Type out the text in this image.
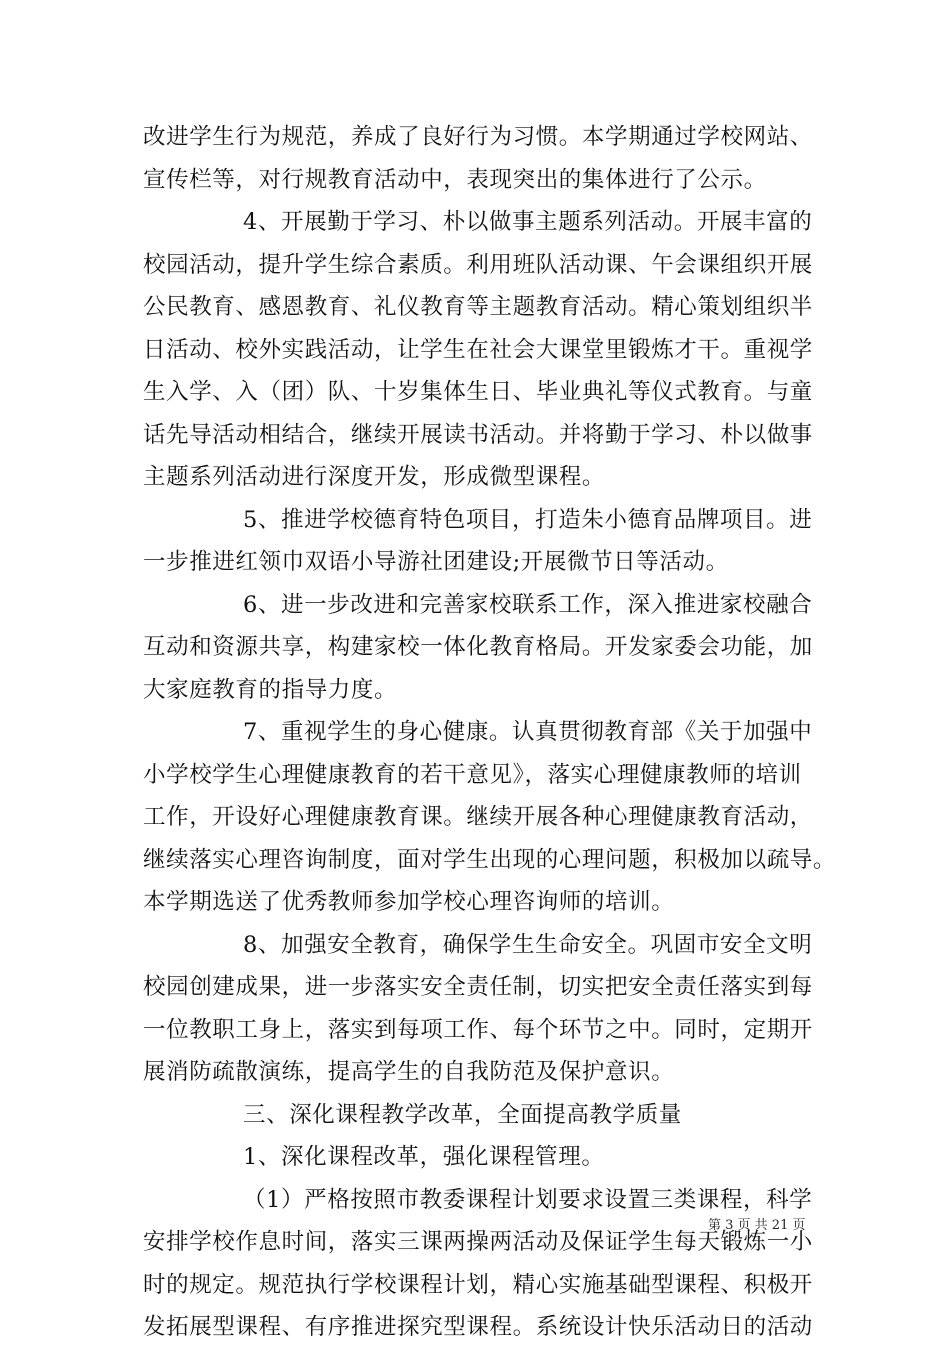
改进学生行为规范，养成了良好行为习惯。本学期通过学校网站、
宣传栏等，对行规教育活动中，表现突出的集体进行了公示。
4、开展勤于学习、朴以做事主题系列活动。开展丰富的
校园活动，提升学生综合素质。利用班队活动课、午会课组织开展
公民教育、感恩教育、礼仪教育等主题教育活动。精心策划组织半
日活动、校外实践活动，让学生在社会大课堂里锻炼才干。重视学
生入学、入（团）队、十岁集体生日、毕业典礼等仪式教育。与童
话先导活动相结合，继续开展读书活动。并将勤于学习、朴以做事
主题系列活动进行深度开发，形成微型课程。
5、推进学校德育特色项目，打造朱小德育品牌项目。进
一步推进红领巾双语小导游社团建设;开展微节日等活动。
6、进一步改进和完善家校联系工作，深入推进家校融合
互动和资源共享，构建家校一体化教育格局。开发家委会功能，加
大家庭教育的指导力度。
7、重视学生的身心健康。认真贯彻教育部《关于加强中
小学校学生心理健康教育的若干意见》，落实心理健康教师的培训
工作，开设好心理健康教育课。继续开展各种心理健康教育活动，
继续落实心理咨询制度，面对学生出现的心理问题，积极加以疏导。
本学期选送了优秀教师参加学校心理咨询师的培训。
8、加强安全教育，确保学生生命安全。巩固市安全文明
校园创建成果，进一步落实安全责任制，切实把安全责任落实到每
一位教职工身上，落实到每项工作、每个环节之中。同时，定期开
展消防疏散演练，提高学生的自我防范及保护意识。
三、深化课程教学改革，全面提高教学质量
1、深化课程改革，强化课程管理。
（1）严格按照市教委课程计划要求设置三类课程，科学
安排学校作息时间，落实三课两操两活动及保证学生每天锻炼一小
时的规定。规范执行学校课程计划，精心实施基础型课程、积极开
发拓展型课程、有序推进探究型课程。系统设计快乐活动日的活动
第 3 页 共 21 页
